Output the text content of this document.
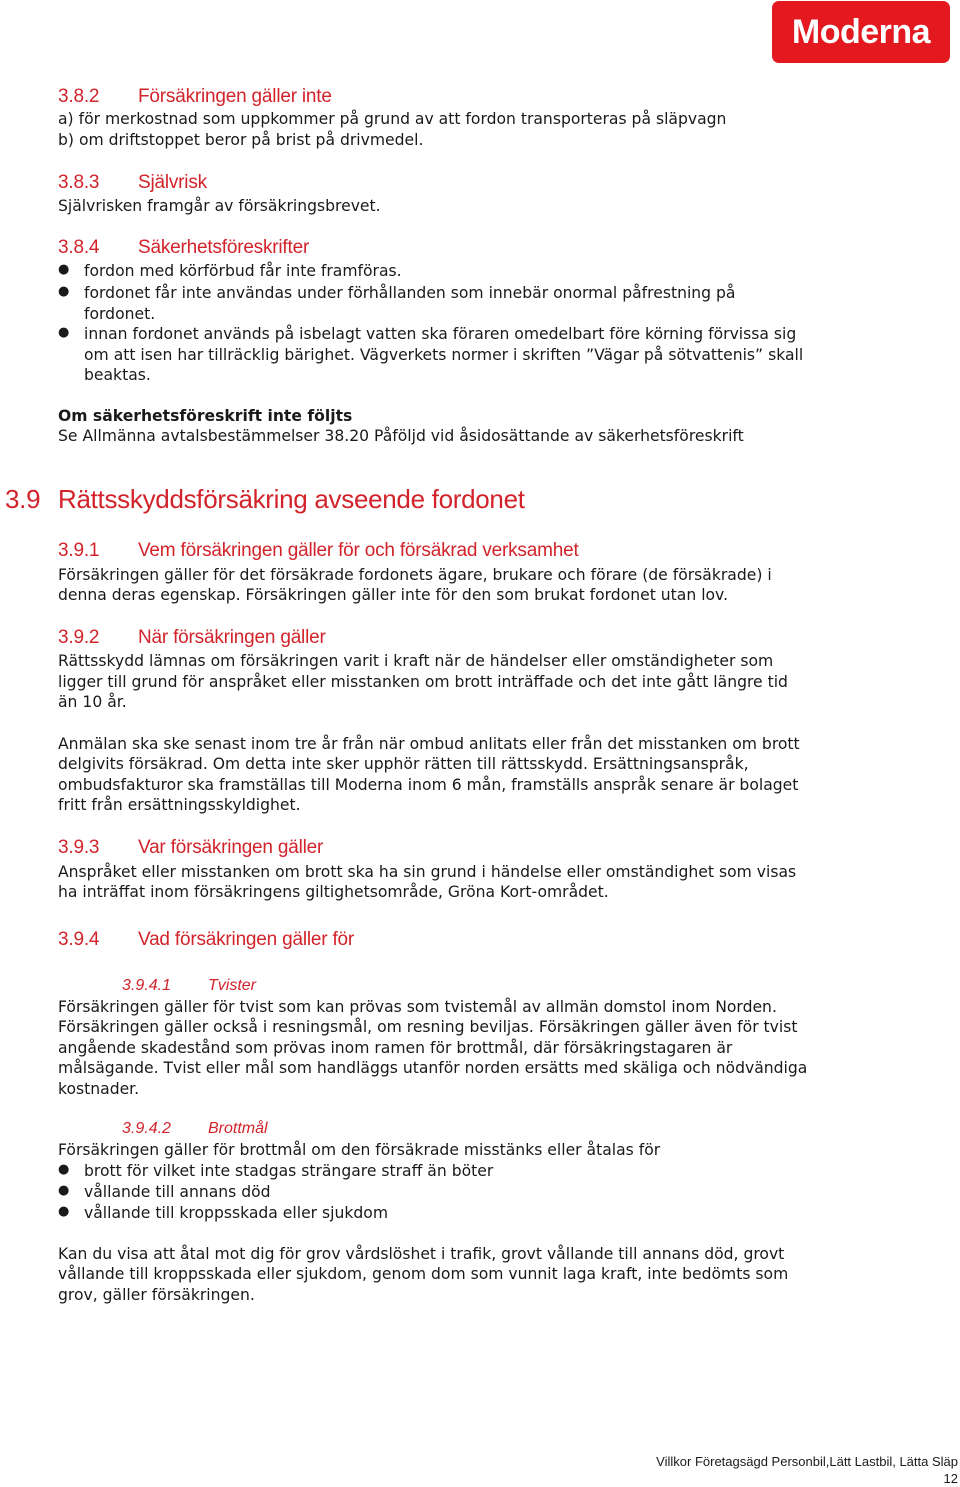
Moderna
3.8.2 Försäkringen gäller inte
a) för merkostnad som uppkommer på grund av att fordon transporteras på släpvagn
b) om driftstoppet beror på brist på drivmedel.
3.8.3 Självrisk
Självrisken framgår av försäkringsbrevet.
3.8.4 Säkerhetsföreskrifter
● fordon med körförbud får inte framföras.
● fordonet får inte användas under förhållanden som innebär onormal påfrestning på
fordonet.
● innan fordonet används på isbelagt vatten ska föraren omedelbart före körning förvissa sig
om att isen har tillräcklig bärighet. Vägverkets normer i skriften ”Vägar på sötvattenis” skall
beaktas.
Om säkerhetsföreskrift inte följts
Se Allmänna avtalsbestämmelser 38.20 Påföljd vid åsidosättande av säkerhetsföreskrift
3.9 Rättsskyddsförsäkring avseende fordonet
3.9.1 Vem försäkringen gäller för och försäkrad verksamhet
Försäkringen gäller för det försäkrade fordonets ägare, brukare och förare (de försäkrade) i
denna deras egenskap. Försäkringen gäller inte för den som brukat fordonet utan lov.
3.9.2 När försäkringen gäller
Rättsskydd lämnas om försäkringen varit i kraft när de händelser eller omständigheter som
ligger till grund för anspråket eller misstanken om brott inträffade och det inte gått längre tid
än 10 år.
Anmälan ska ske senast inom tre år från när ombud anlitats eller från det misstanken om brott
delgivits försäkrad. Om detta inte sker upphör rätten till rättsskydd. Ersättningsanspråk,
ombudsfakturor ska framställas till Moderna inom 6 mån, framställs anspråk senare är bolaget
fritt från ersättningsskyldighet.
3.9.3 Var försäkringen gäller
Anspråket eller misstanken om brott ska ha sin grund i händelse eller omständighet som visas
ha inträffat inom försäkringens giltighetsområde, Gröna Kort-området.
3.9.4 Vad försäkringen gäller för
3.9.4.1 Tvister
Försäkringen gäller för tvist som kan prövas som tvistemål av allmän domstol inom Norden.
Försäkringen gäller också i resningsmål, om resning beviljas. Försäkringen gäller även för tvist
angående skadestånd som prövas inom ramen för brottmål, där försäkringstagaren är
målsägande. Tvist eller mål som handläggs utanför norden ersätts med skäliga och nödvändiga
kostnader.
3.9.4.2 Brottmål
Försäkringen gäller för brottmål om den försäkrade misstänks eller åtalas för
● brott för vilket inte stadgas strängare straff än böter
● vållande till annans död
● vållande till kroppsskada eller sjukdom
Kan du visa att åtal mot dig för grov vårdslöshet i trafik, grovt vållande till annans död, grovt
vållande till kroppsskada eller sjukdom, genom dom som vunnit laga kraft, inte bedömts som
grov, gäller försäkringen.
Villkor Företagsägd Personbil,Lätt Lastbil, Lätta Släp
12
